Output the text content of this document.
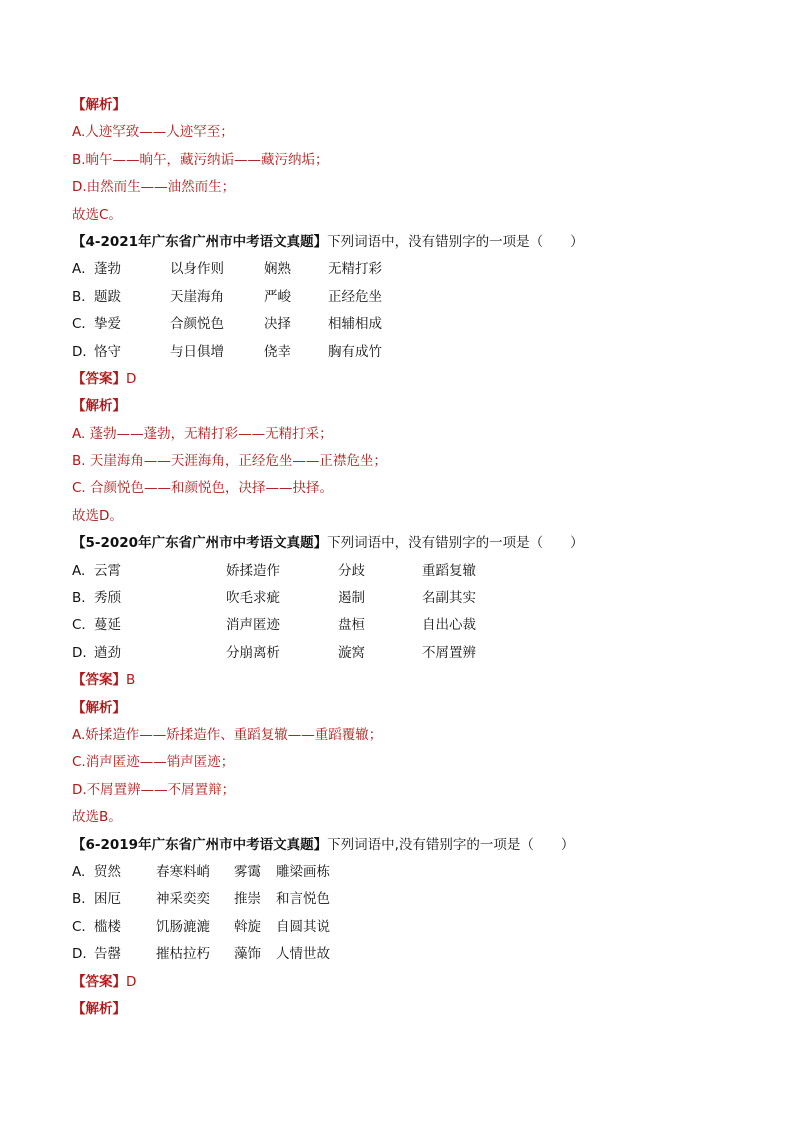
【解析】
A.人迹罕致——人迹罕至；
B.晌午——晌午，藏污纳诟——藏污纳垢；
D.由然而生——油然而生；
故选C。
【4-2021年广东省广州市中考语文真题】下列词语中，没有错别字的一项是（　　）
A．蓬勃	以身作则	娴熟	无精打彩
B．题跋	天崖海角	严峻	正经危坐
C．挚爱	合颜悦色	决择	相辅相成
D．恪守	与日俱增	侥幸	胸有成竹
【答案】D
【解析】
A. 蓬勃——蓬勃，无精打彩——无精打采；
B. 天崖海角——天涯海角，正经危坐——正襟危坐；
C. 合颜悦色——和颜悦色，决择——抉择。
故选D。
【5-2020年广东省广州市中考语文真题】下列词语中，没有错别字的一项是（　　）
A. 云霄	娇揉造作	分歧	重蹈复辙
B. 秀颀	吹毛求疵	遏制	名副其实
C. 蔓延	消声匿迹	盘桓	自出心裁
D. 遒劲	分崩离析	漩窝	不屑置辨
【答案】B
【解析】
A.娇揉造作——矫揉造作、重蹈复辙——重蹈覆辙；
C.消声匿迹——销声匿迹；
D.不屑置辨——不屑置辩；
故选B。
【6-2019年广东省广州市中考语文真题】下列词语中,没有错别字的一项是（　　）
A. 贸然	春寒料峭 雾霭 雕梁画栋
B. 困厄	神采奕奕 推崇 和言悦色
C. 槛楼	饥肠漉漉 斡旋 自圆其说
D. 告罄	摧枯拉朽 藻饰 人情世故
【答案】D
【解析】
